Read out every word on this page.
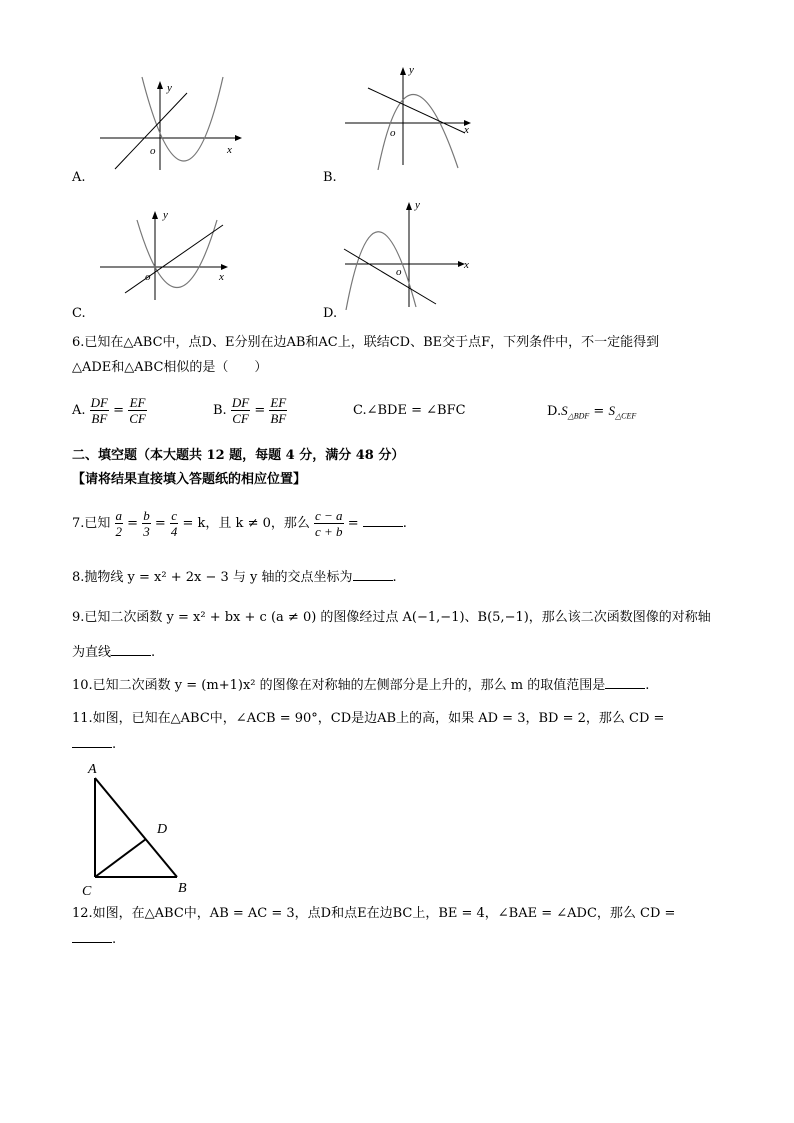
y
x
o
A.
y
x
o
B.
y
x
o
C.
y
x
o
D.
6.已知在△ABC中，点D、E分别在边AB和AC上，联结CD、BE交于点F，下列条件中，不一定能得到
△ADE和△ABC相似的是（　　）
A. $\frac{DF}{BF} = \frac{EF}{CF}$	B. $\frac{DF}{CF} = \frac{EF}{BF}$	C.∠BDE = ∠BFC	$D.S_{\triangle BDF} = S_{\triangle CEF}$
二、填空题（本大题共 12 题，每题 4 分，满分 48 分）
【请将结果直接填入答题纸的相应位置】
7.已知 $\frac{a}{2} = \frac{b}{3} = \frac{c}{4} = k$，且 k ≠ 0，那么 $\frac{c - a}{c + b}$ =	.
8.抛物线 y = x² + 2x − 3 与 y 轴的交点坐标为	.
9.已知二次函数 y = x² + bx + c (a ≠ 0) 的图像经过点 A(−1,−1)、B(5,−1)，那么该二次函数图像的对称轴
为直线	.
10.已知二次函数 y = (m+1)x² 的图像在对称轴的左侧部分是上升的，那么 m 的取值范围是	.
11.如图，已知在△ABC中，∠ACB = 90°，CD是边AB上的高，如果 AD = 3，BD = 2，那么 CD =
.
A
D
C	B
12.如图，在△ABC中，AB = AC = 3，点D和点E在边BC上，BE = 4，∠BAE = ∠ADC，那么 CD =
.
